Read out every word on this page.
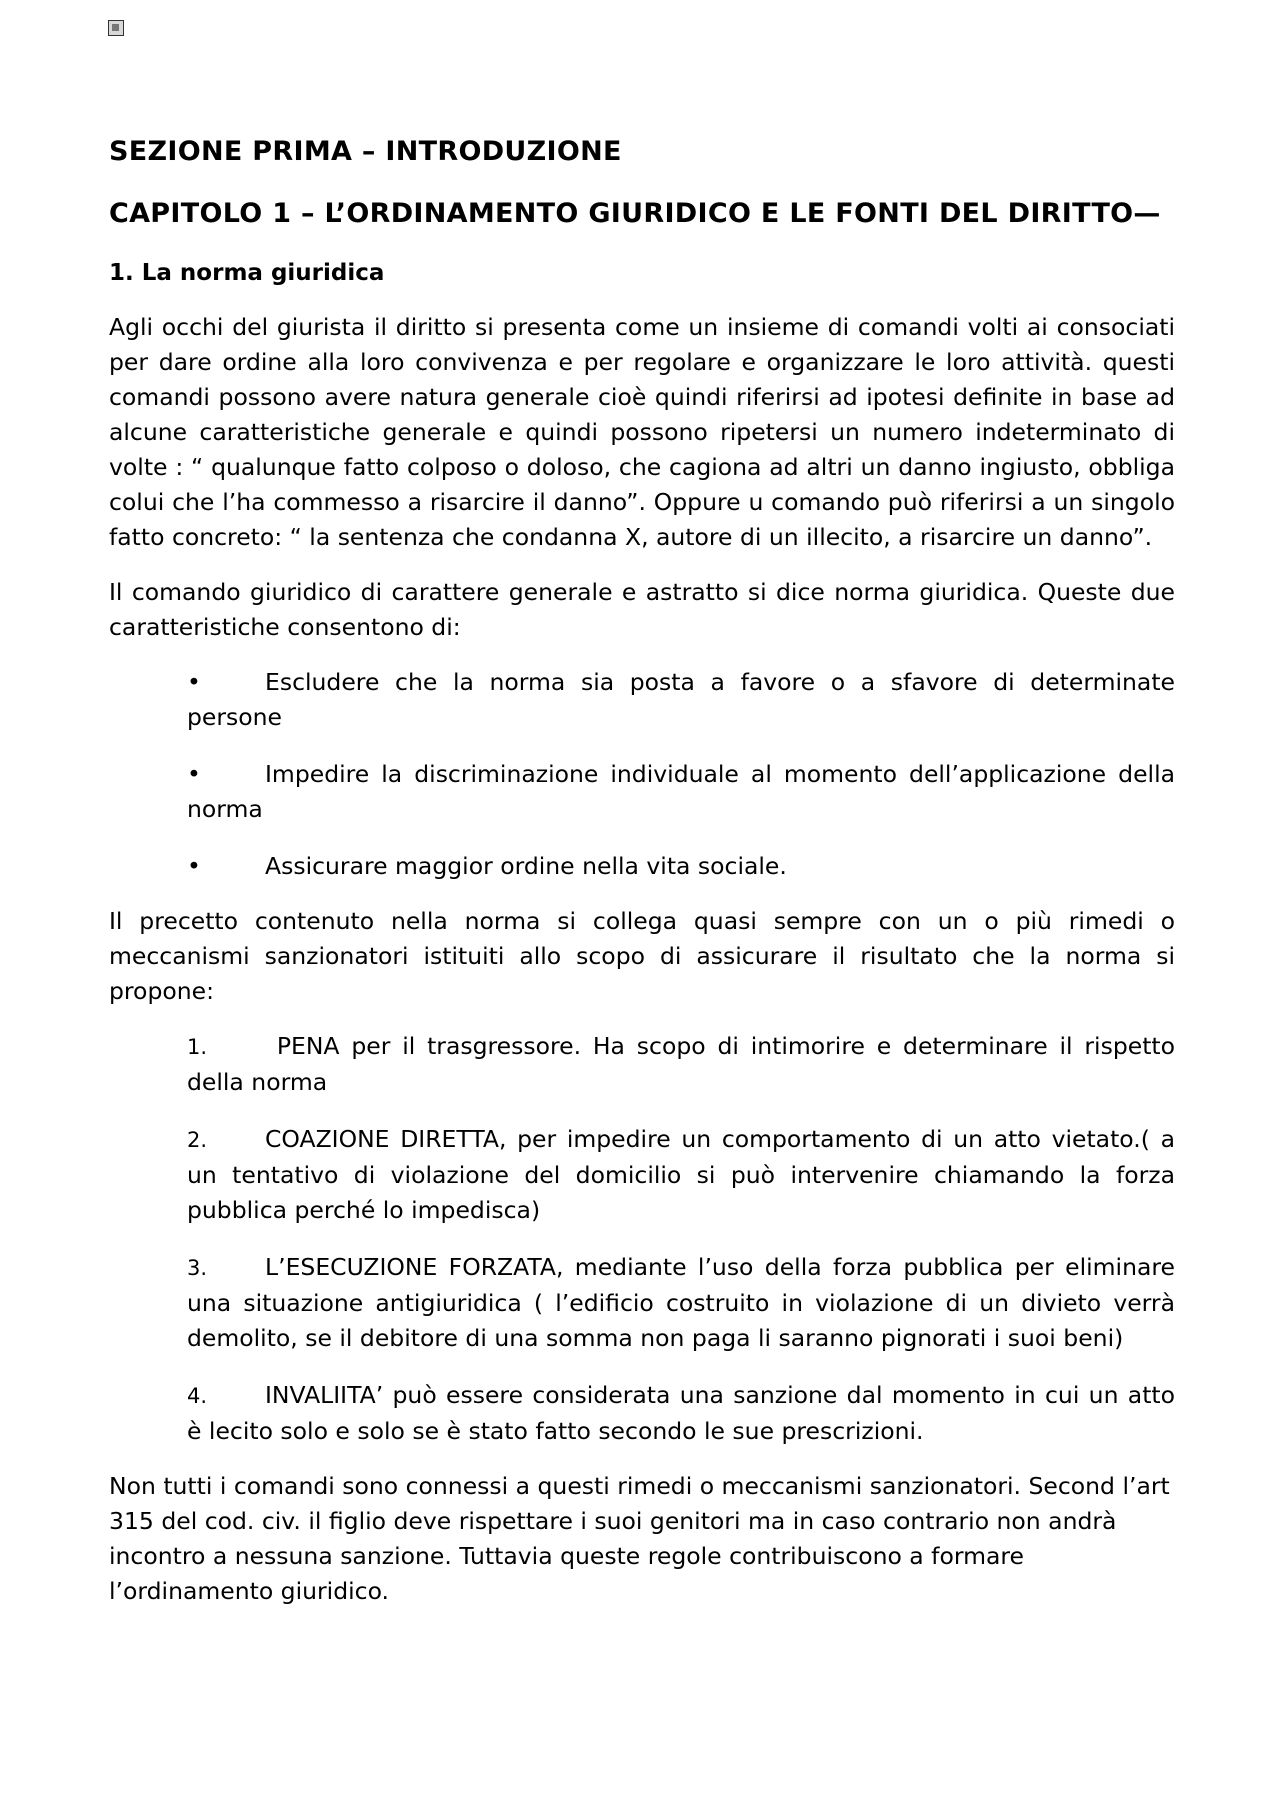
SEZIONE PRIMA – INTRODUZIONE
CAPITOLO 1 – L’ORDINAMENTO GIURIDICO E LE FONTI DEL DIRITTO—
1. La norma giuridica

Agli occhi del giurista il diritto si presenta come un insieme di comandi volti ai consociati per dare ordine alla loro convivenza e per regolare e organizzare le loro attività. questi comandi possono avere natura generale cioè quindi riferirsi ad ipotesi definite in base ad alcune caratteristiche generale e quindi possono ripetersi un numero indeterminato di volte : “ qualunque fatto colposo o doloso, che cagiona ad altri un danno ingiusto, obbliga colui che l’ha commesso a risarcire il danno”. Oppure u comando può riferirsi a un singolo fatto concreto: “ la sentenza che condanna X, autore di un illecito, a risarcire un danno”.

Il comando giuridico di carattere generale e astratto si dice norma giuridica. Queste due caratteristiche consentono di:

•	Escludere che la norma sia posta a favore o a sfavore di determinate persone
•	Impedire la discriminazione individuale al momento dell’applicazione della norma
•	Assicurare maggior ordine nella vita sociale.

Il precetto contenuto nella norma si collega quasi sempre con un o più rimedi o meccanismi sanzionatori istituiti allo scopo di assicurare il risultato che la norma si propone:

1. PENA per il trasgressore. Ha scopo di intimorire e determinare il rispetto della norma
2. COAZIONE DIRETTA, per impedire un comportamento di un atto vietato.( a un tentativo di violazione del domicilio si può intervenire chiamando la forza pubblica perché lo impedisca)
3. L’ESECUZIONE FORZATA, mediante l’uso della forza pubblica per eliminare una situazione antigiuridica ( l’edificio costruito in violazione di un divieto verrà demolito, se il debitore di una somma non paga li saranno pignorati i suoi beni)
4. INVALIITA’ può essere considerata una sanzione dal momento in cui un atto è lecito solo e solo se è stato fatto secondo le sue prescrizioni.

Non tutti i comandi sono connessi a questi rimedi o meccanismi sanzionatori. Second l’art 315 del cod. civ. il figlio deve rispettare i suoi genitori ma in caso contrario non andrà incontro a nessuna sanzione. Tuttavia queste regole contribuiscono a formare l’ordinamento giuridico.
